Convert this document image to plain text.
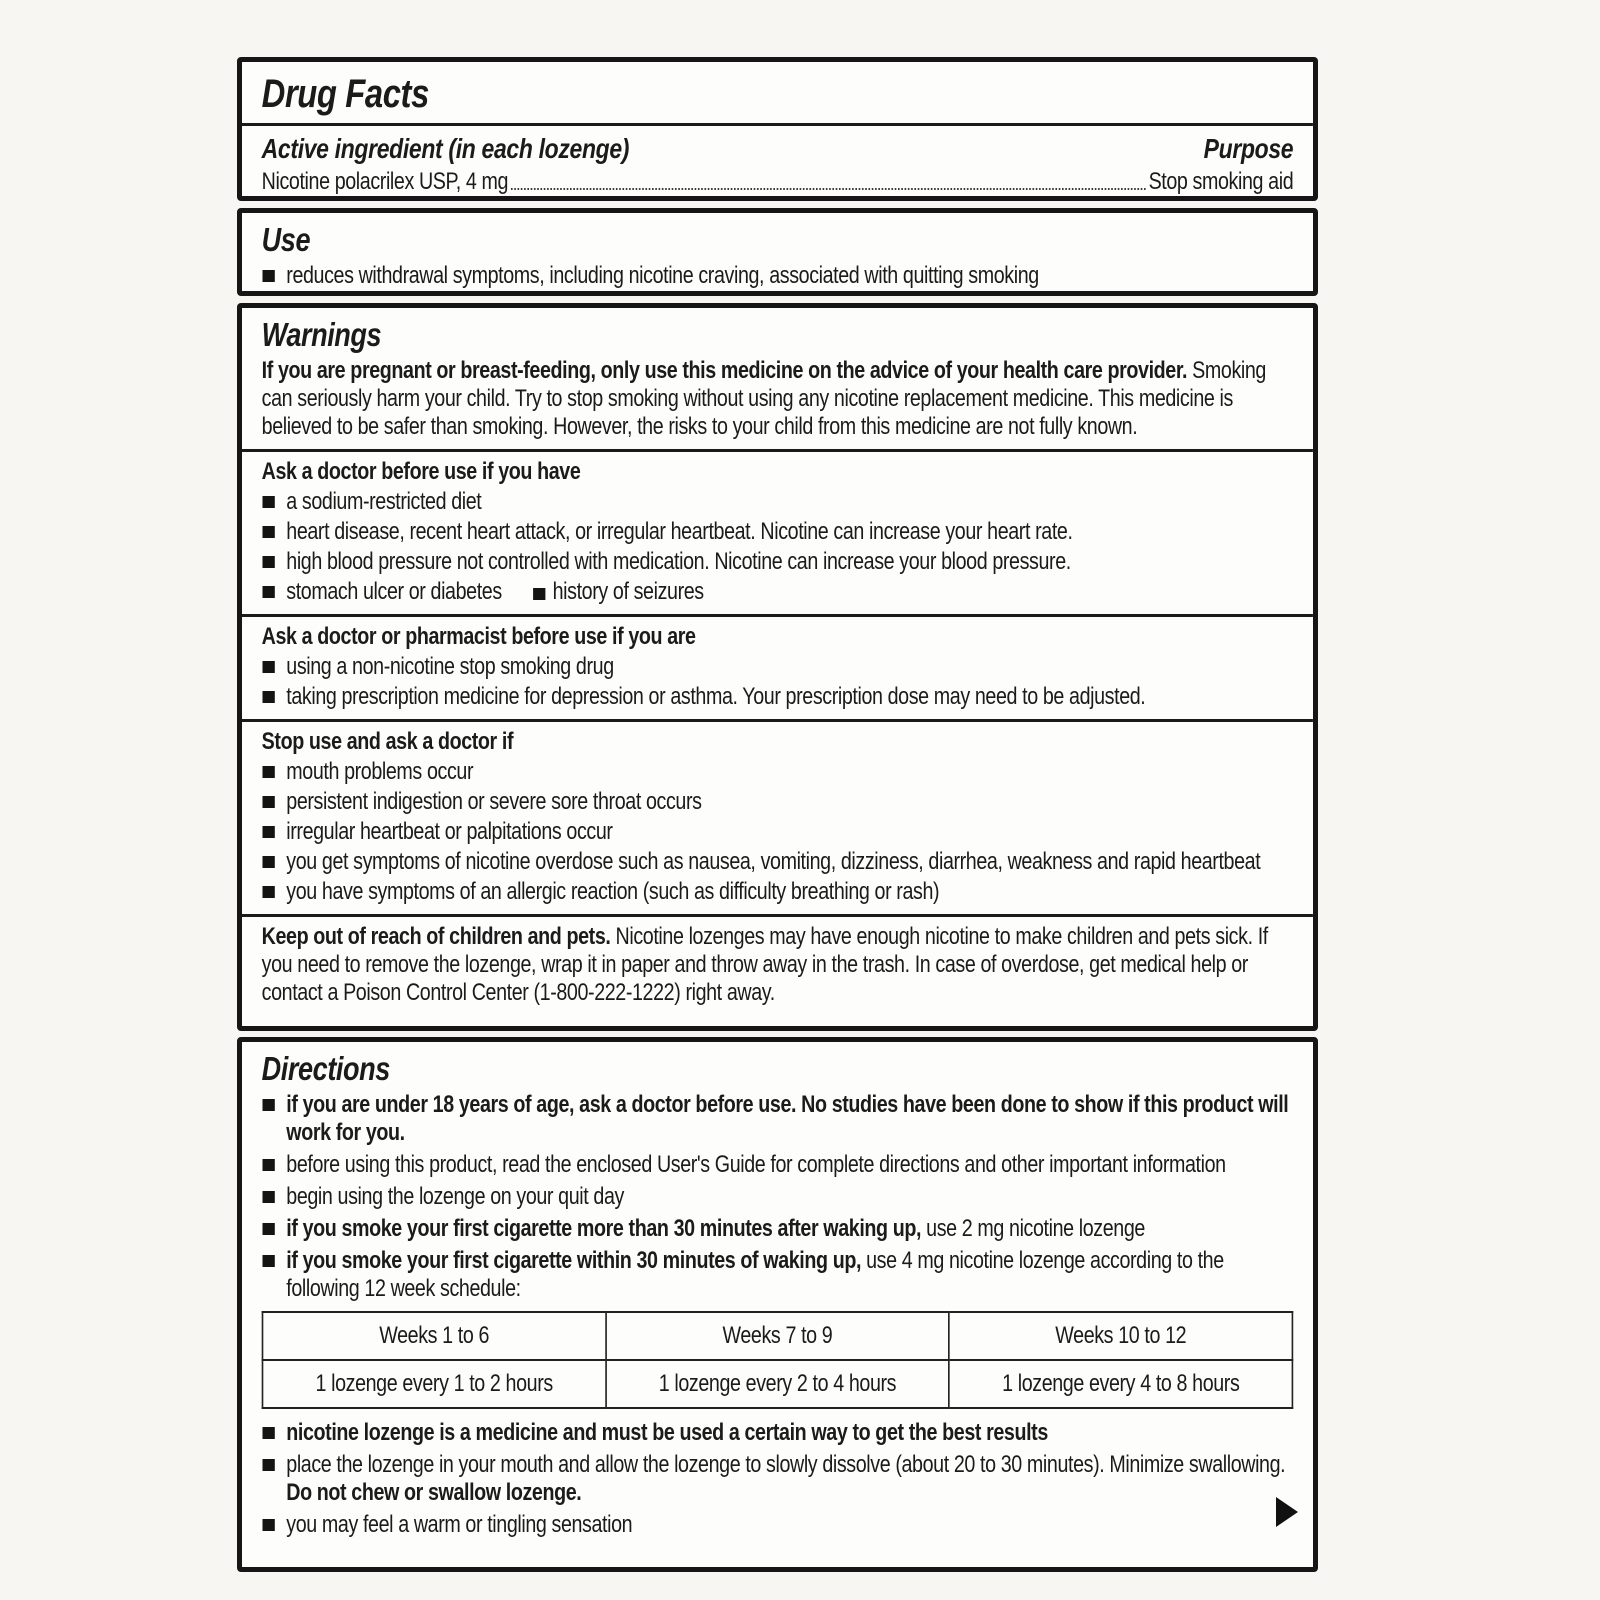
Drug Facts
Active ingredient (in each lozenge)	Purpose
Nicotine polacrilex USP, 4 mg	Stop smoking aid
Use
reduces withdrawal symptoms, including nicotine craving, associated with quitting smoking
Warnings

If you are pregnant or breast-feeding, only use this medicine on the advice of your health care provider. Smoking can seriously harm your child. Try to stop smoking without using any nicotine replacement medicine. This medicine is believed to be safer than smoking. However, the risks to your child from this medicine are not fully known.

Ask a doctor before use if you have

a sodium-restricted diet
heart disease, recent heart attack, or irregular heartbeat. Nicotine can increase your heart rate.
high blood pressure not controlled with medication. Nicotine can increase your blood pressure.
stomach ulcer or diabetes history of seizures

Ask a doctor or pharmacist before use if you are

using a non-nicotine stop smoking drug
taking prescription medicine for depression or asthma. Your prescription dose may need to be adjusted.

Stop use and ask a doctor if

mouth problems occur
persistent indigestion or severe sore throat occurs
irregular heartbeat or palpitations occur
you get symptoms of nicotine overdose such as nausea, vomiting, dizziness, diarrhea, weakness and rapid heartbeat
you have symptoms of an allergic reaction (such as difficulty breathing or rash)

Keep out of reach of children and pets. Nicotine lozenges may have enough nicotine to make children and pets sick. If you need to remove the lozenge, wrap it in paper and throw away in the trash. In case of overdose, get medical help or contact a Poison Control Center (1-800-222-1222) right away.

Directions
if you are under 18 years of age, ask a doctor before use. No studies have been done to show if this product will work for you.
before using this product, read the enclosed User's Guide for complete directions and other important information
begin using the lozenge on your quit day
if you smoke your first cigarette more than 30 minutes after waking up, use 2 mg nicotine lozenge
if you smoke your first cigarette within 30 minutes of waking up, use 4 mg nicotine lozenge according to the following 12 week schedule:
Weeks 1 to 6	Weeks 7 to 9	Weeks 10 to 12
1 lozenge every 1 to 2 hours	1 lozenge every 2 to 4 hours	1 lozenge every 4 to 8 hours
nicotine lozenge is a medicine and must be used a certain way to get the best results
place the lozenge in your mouth and allow the lozenge to slowly dissolve (about 20 to 30 minutes). Minimize swallowing. Do not chew or swallow lozenge.
you may feel a warm or tingling sensation
